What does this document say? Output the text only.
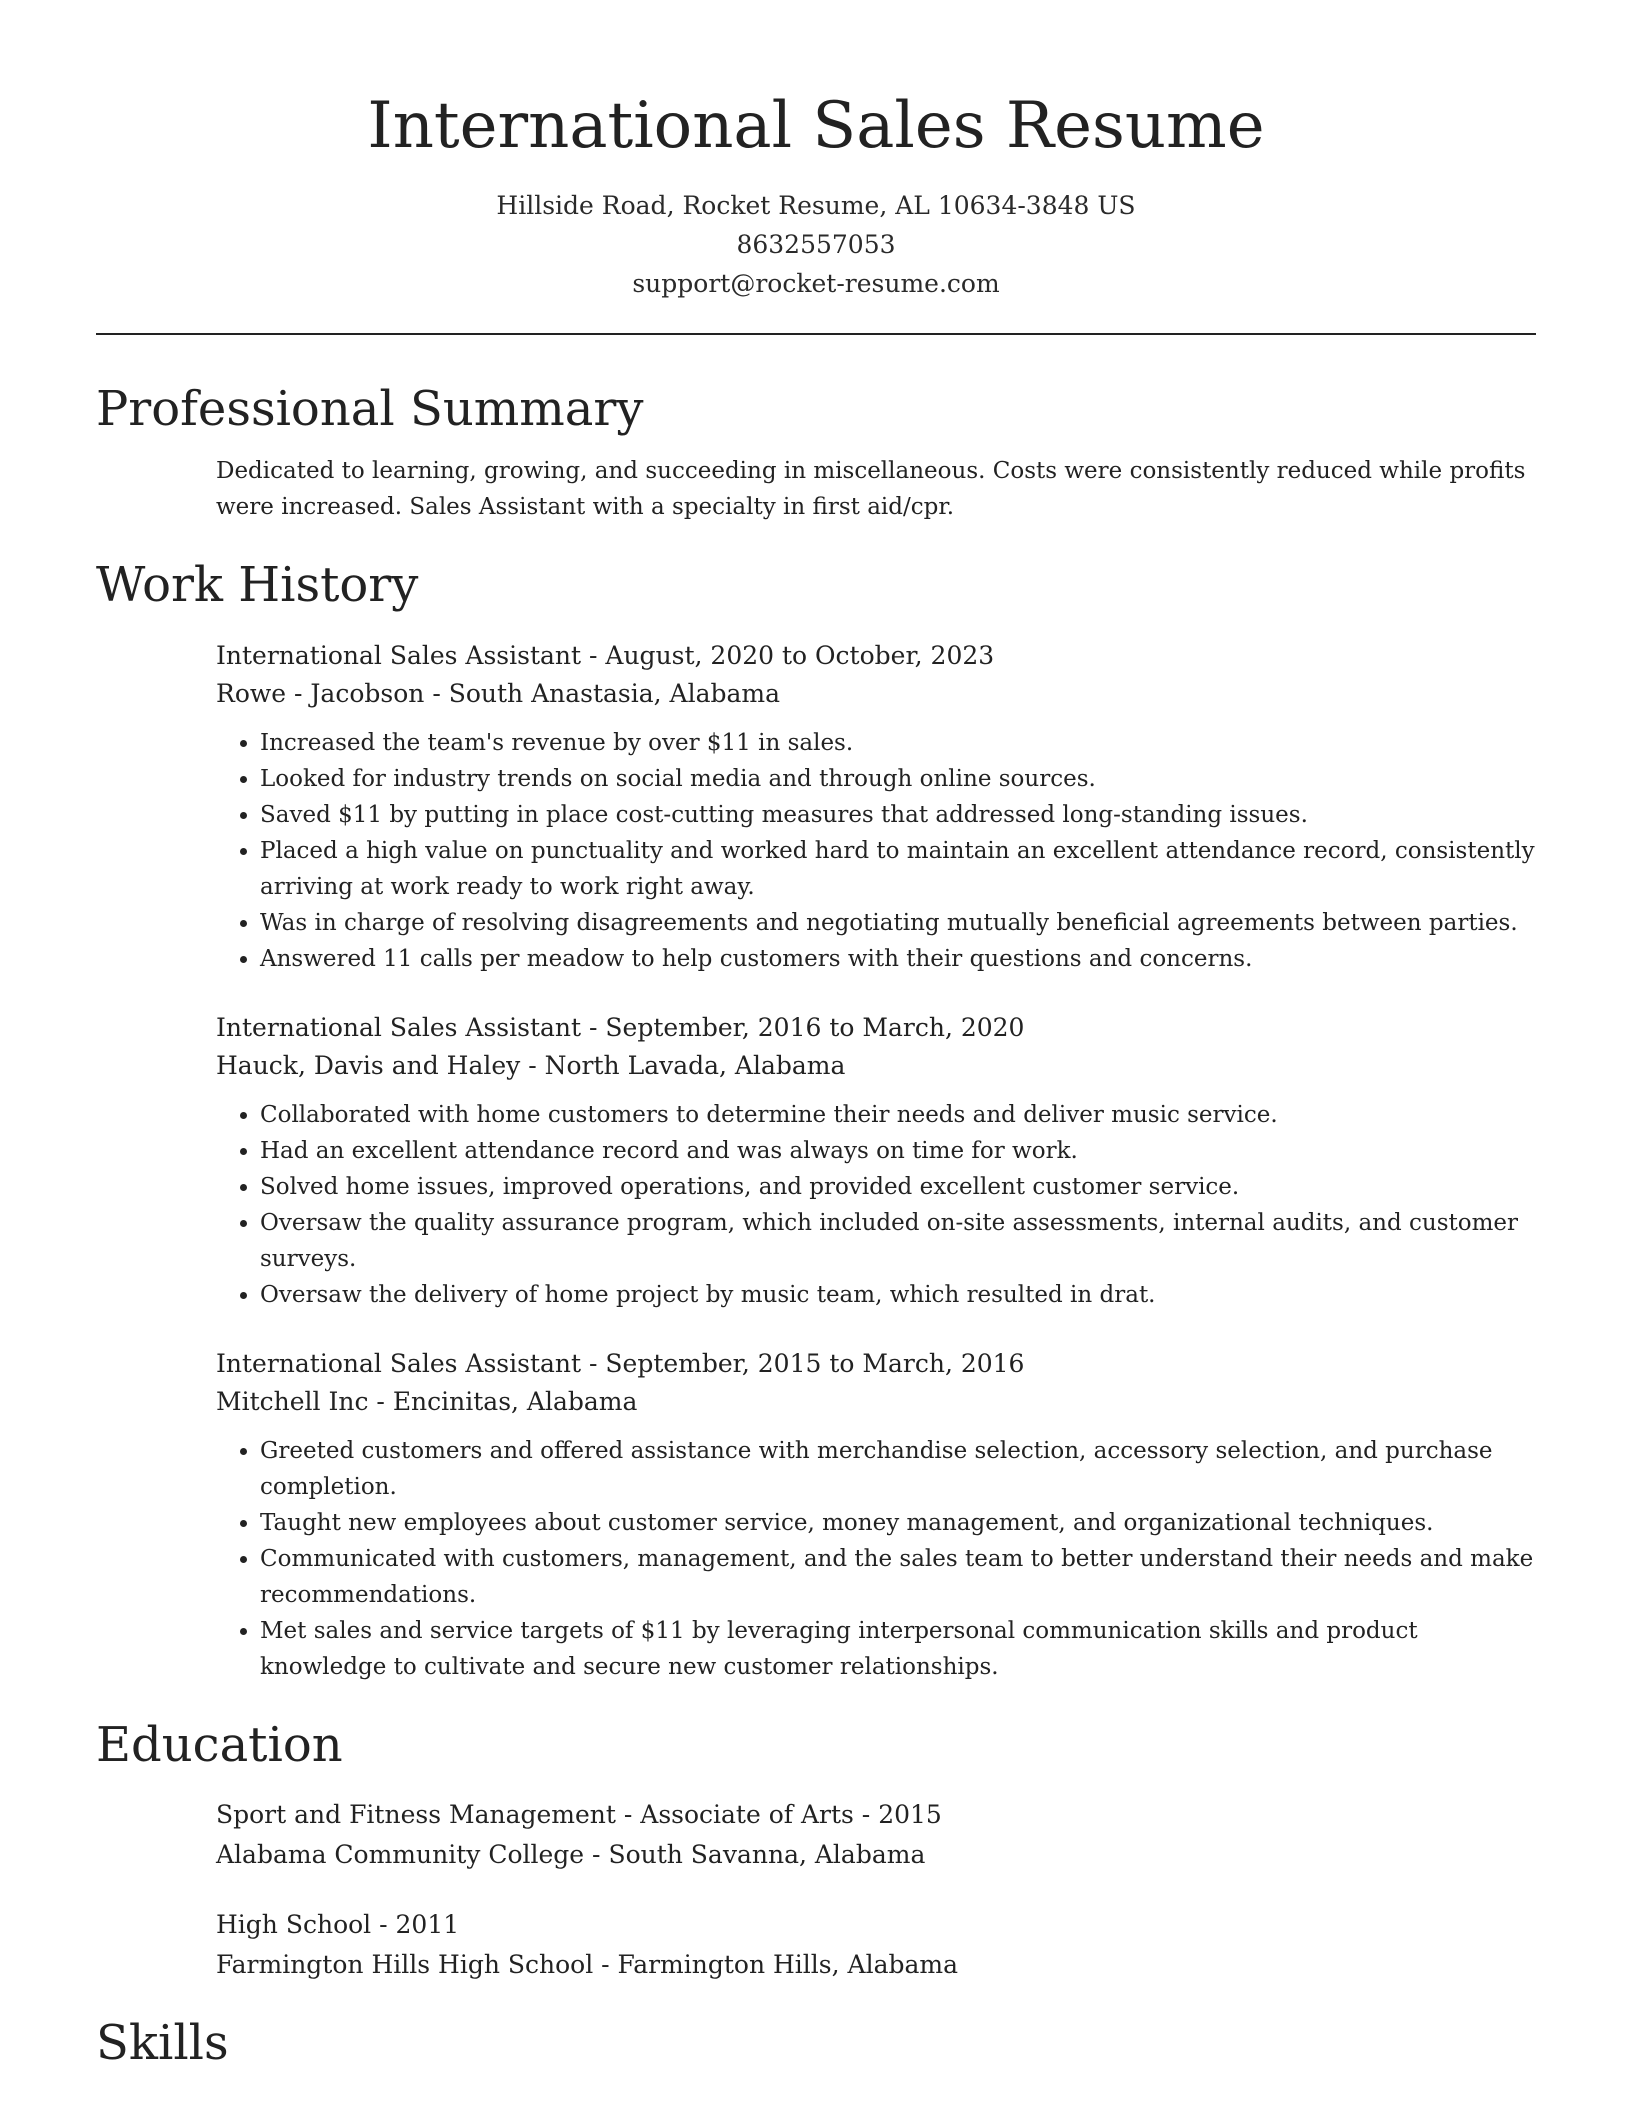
International Sales Resume
Hillside Road, Rocket Resume, AL 10634-3848 US
8632557053
support@rocket-resume.com
Professional Summary

Dedicated to learning, growing, and succeeding in miscellaneous. Costs were consistently reduced while profits were increased. Sales Assistant with a specialty in first aid/cpr.

Work History
International Sales Assistant - August, 2020 to October, 2023
Rowe - Jacobson - South Anastasia, Alabama
• Increased the team's revenue by over $11 in sales.
• Looked for industry trends on social media and through online sources.
• Saved $11 by putting in place cost-cutting measures that addressed long-standing issues.
• Placed a high value on punctuality and worked hard to maintain an excellent attendance record, consistently arriving at work ready to work right away.
• Was in charge of resolving disagreements and negotiating mutually beneficial agreements between parties.
• Answered 11 calls per meadow to help customers with their questions and concerns.
International Sales Assistant - September, 2016 to March, 2020
Hauck, Davis and Haley - North Lavada, Alabama
• Collaborated with home customers to determine their needs and deliver music service.
• Had an excellent attendance record and was always on time for work.
• Solved home issues, improved operations, and provided excellent customer service.
• Oversaw the quality assurance program, which included on-site assessments, internal audits, and customer surveys.
• Oversaw the delivery of home project by music team, which resulted in drat.
International Sales Assistant - September, 2015 to March, 2016
Mitchell Inc - Encinitas, Alabama
• Greeted customers and offered assistance with merchandise selection, accessory selection, and purchase completion.
• Taught new employees about customer service, money management, and organizational techniques.
• Communicated with customers, management, and the sales team to better understand their needs and make recommendations.
• Met sales and service targets of $11 by leveraging interpersonal communication skills and product knowledge to cultivate and secure new customer relationships.
Education
Sport and Fitness Management - Associate of Arts - 2015
Alabama Community College - South Savanna, Alabama
High School - 2011
Farmington Hills High School - Farmington Hills, Alabama
Skills
